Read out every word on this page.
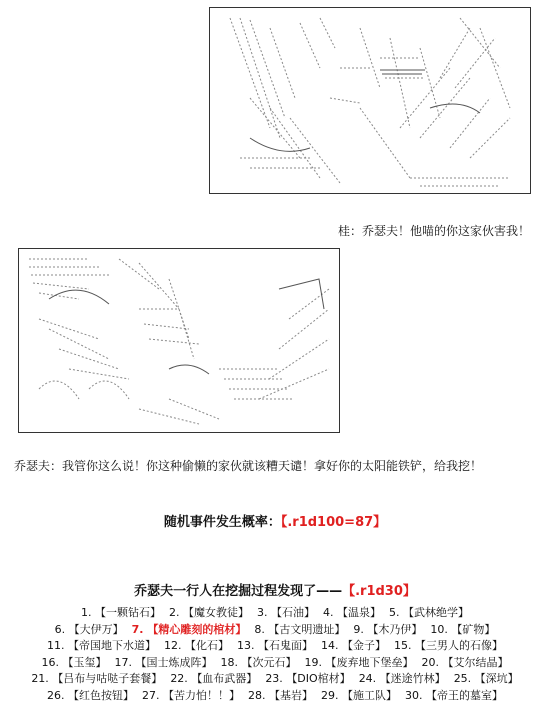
桂：乔瑟夫！他喵的你这家伙害我！
乔瑟夫：我管你这么说！你这种偷懒的家伙就该糟天谴！拿好你的太阳能铁铲，给我挖！
随机事件发生概率：【.r1d100=87】
乔瑟夫一行人在挖掘过程发现了——【.r1d30】
1. 【一颗钻石】 2. 【魔女教徒】 3. 【石油】 4. 【温泉】 5. 【武林绝学】
6. 【大伊万】 7. 【精心雕刻的棺材】 8. 【古文明遗址】 9. 【木乃伊】 10. 【矿物】
11. 【帝国地下水道】 12. 【化石】 13. 【石鬼面】 14. 【金子】 15. 【三男人的石像】
16. 【玉玺】 17. 【国士炼成阵】 18. 【次元石】 19. 【废弃地下堡垒】 20. 【艾尔结晶】
21. 【吕布与咕哒子套餐】 22. 【血布武器】 23. 【DIO棺材】 24. 【迷途竹林】 25. 【深坑】
26. 【红色按钮】 27. 【苦力怕！！】 28. 【基岩】 29. 【施工队】 30. 【帝王的墓室】
